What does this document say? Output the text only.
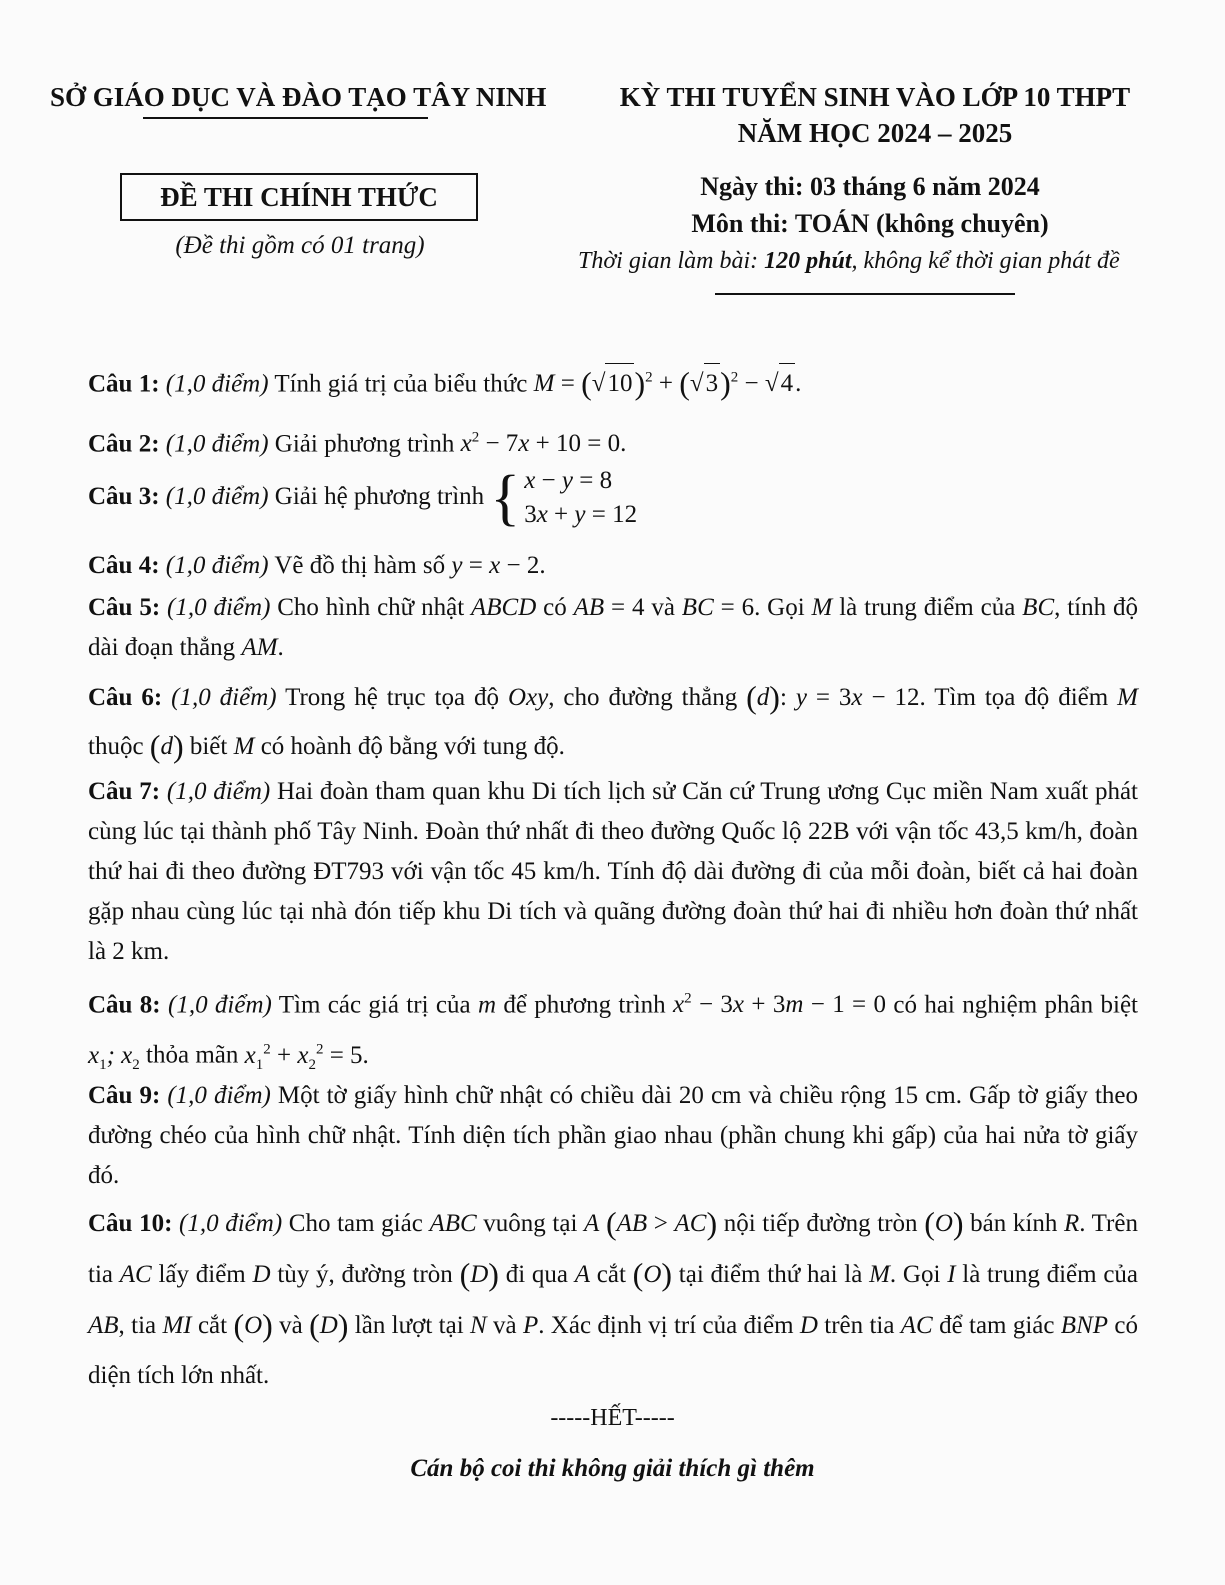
SỞ GIÁO DỤC VÀ ĐÀO TẠO TÂY NINH	KỲ THI TUYỂN SINH VÀO LỚP 10 THPT
NĂM HỌC 2024 – 2025
ĐỀ THI CHÍNH THỨC
(Đề thi gồm có 01 trang)
Ngày thi: 03 tháng 6 năm 2024
Môn thi: TOÁN (không chuyên)
Thời gian làm bài: 120 phút, không kể thời gian phát đề
Câu 1: (1,0 điểm) Tính giá trị của biểu thức $M = (√10)^2 + (√3)^2 - √4$.
Câu 2: (1,0 điểm) Giải phương trình $x^2 - 7x + 10 = 0$.
Câu 3: (1,0 điểm) Giải hệ phương trình { x − y = 8
3x + y = 12
Câu 4: (1,0 điểm) Vẽ đồ thị hàm số y = x − 2.
Câu 5: (1,0 điểm) Cho hình chữ nhật ABCD có AB = 4 và BC = 6. Gọi M là trung điểm của BC, tính độ dài đoạn thẳng AM.
Câu 6: (1,0 điểm) Trong hệ trục tọa độ Oxy, cho đường thẳng (d): y = 3x − 12. Tìm tọa độ điểm M thuộc (d) biết M có hoành độ bằng với tung độ.
Câu 7: (1,0 điểm) Hai đoàn tham quan khu Di tích lịch sử Căn cứ Trung ương Cục miền Nam xuất phát cùng lúc tại thành phố Tây Ninh. Đoàn thứ nhất đi theo đường Quốc lộ 22B với vận tốc 43,5 km/h, đoàn thứ hai đi theo đường ĐT793 với vận tốc 45 km/h. Tính độ dài đường đi của mỗi đoàn, biết cả hai đoàn gặp nhau cùng lúc tại nhà đón tiếp khu Di tích và quãng đường đoàn thứ hai đi nhiều hơn đoàn thứ nhất là 2 km.
Câu 8: (1,0 điểm) Tìm các giá trị của m để phương trình $x^2 - 3x + 3m - 1 = 0$ có hai nghiệm phân biệt $x_1$; $x_2$ thỏa mãn $x_1^2 + x_2^2 = 5$.
Câu 9: (1,0 điểm) Một tờ giấy hình chữ nhật có chiều dài 20 cm và chiều rộng 15 cm. Gấp tờ giấy theo đường chéo của hình chữ nhật. Tính diện tích phần giao nhau (phần chung khi gấp) của hai nửa tờ giấy đó.
Câu 10: (1,0 điểm) Cho tam giác ABC vuông tại A (AB > AC) nội tiếp đường tròn (O) bán kính R. Trên tia AC lấy điểm D tùy ý, đường tròn (D) đi qua A cắt (O) tại điểm thứ hai là M. Gọi I là trung điểm của AB, tia MI cắt (O) và (D) lần lượt tại N và P. Xác định vị trí của điểm D trên tia AC để tam giác BNP có diện tích lớn nhất.
-----HẾT-----
Cán bộ coi thi không giải thích gì thêm
